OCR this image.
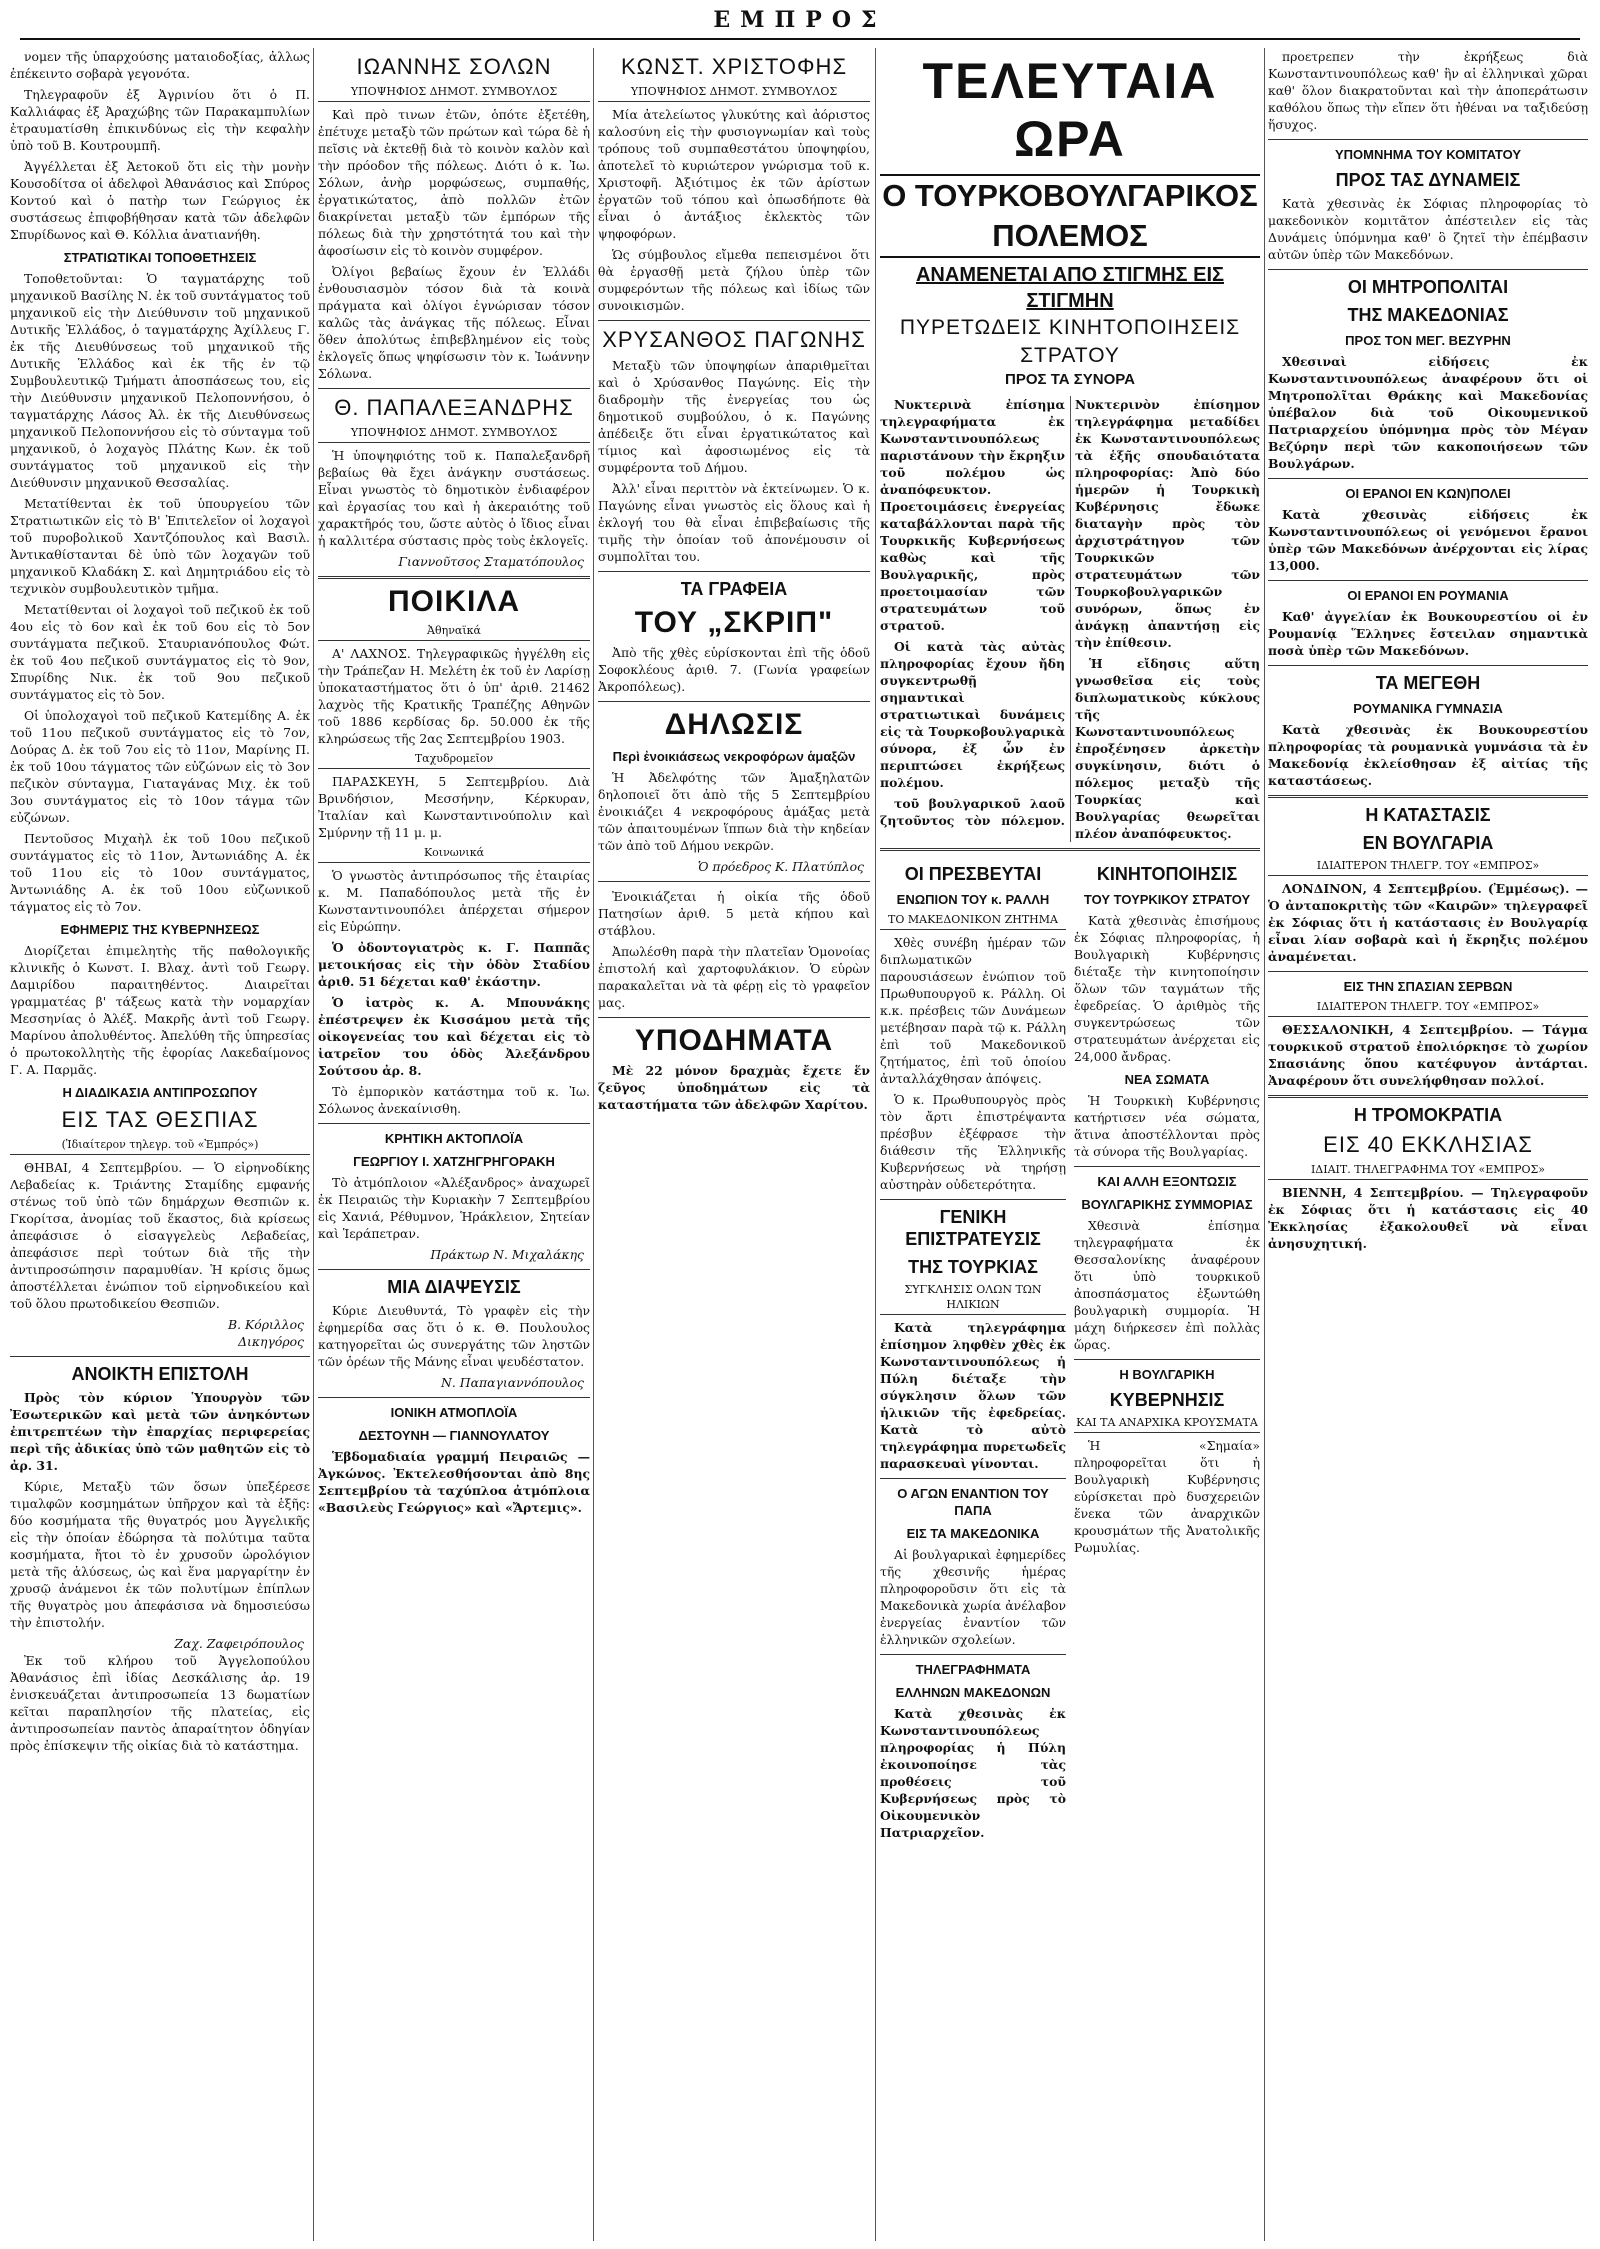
ΕΜΠΡΟΣ

νομεν τῆς ὑπαρχούσης ματαιοδοξίας, ἀλλως ἐπέκειντο σοβαρὰ γεγονότα.

Τηλεγραφοῦν ἐξ Ἀγρινίου ὅτι ὁ Π. Καλλιάφας ἐξ Ἀραχώβης τῶν Παρακαμπυλίων ἐτραυματίσθη ἐπικινδύνως εἰς τὴν κεφαλὴν ὑπὸ τοῦ Β. Κουτρουμπῆ.

Ἀγγέλλεται ἐξ Ἀετοκοῦ ὅτι εἰς τὴν μονὴν Κουσοδίτσα οἱ ἀδελφοὶ Ἀθανάσιος καὶ Σπύρος Κοντού καὶ ὁ πατὴρ των Γεώργιος ἐκ συστάσεως ἐπιφοβήθησαν κατὰ τῶν ἀδελφῶν Σπυρίδωνος καὶ Θ. Κόλλια ἀνατιανήθη.

ΣΤΡΑΤΙΩΤΙΚΑΙ ΤΟΠΟΘΕΤΗΣΕΙΣ

Τοποθετοῦνται: Ὁ ταγματάρχης τοῦ μηχανικοῦ Βασίλης Ν. ἐκ τοῦ συντάγματος τοῦ μηχανικοῦ εἰς τὴν Διεύθυνσιν τοῦ μηχανικοῦ Δυτικῆς Ἑλλάδος, ὁ ταγματάρχης Ἀχίλλευς Γ. ἐκ τῆς Διευθύνσεως τοῦ μηχανικοῦ τῆς Δυτικῆς Ἑλλάδος καὶ ἐκ τῆς ἐν τῷ Συμβουλευτικῷ Τμήματι ἀποσπάσεως του, εἰς τὴν Διεύθυνσιν μηχανικοῦ Πελοποννήσου, ὁ ταγματάρχης Λάσος Ἀλ. ἐκ τῆς Διευθύνσεως μηχανικοῦ Πελοποννήσου εἰς τὸ σύνταγμα τοῦ μηχανικοῦ, ὁ λοχαγὸς Πλάτης Κων. ἐκ τοῦ συντάγματος τοῦ μηχανικοῦ εἰς τὴν Διεύθυνσιν μηχανικοῦ Θεσσαλίας.

Μετατίθενται ἐκ τοῦ ὑπουργείου τῶν Στρατιωτικῶν εἰς τὸ Β' Ἐπιτελεῖον οἱ λοχαγοὶ τοῦ πυροβολικοῦ Χαντζόπουλος καὶ Βασιλ. Ἀντικαθίστανται δὲ ὑπὸ τῶν λοχαγῶν τοῦ μηχανικοῦ Κλαδάκη Σ. καὶ Δημητριάδου εἰς τὸ τεχνικὸν συμβουλευτικὸν τμῆμα.

Μετατίθενται οἱ λοχαγοὶ τοῦ πεζικοῦ ἐκ τοῦ 4ου εἰς τὸ 6ον καὶ ἐκ τοῦ 6ου εἰς τὸ 5ον συντάγματα πεζικοῦ. Σταυριανόπουλος Φώτ. ἐκ τοῦ 4ου πεζικοῦ συντάγματος εἰς τὸ 9ον, Σπυρίδης Νικ. ἐκ τοῦ 9ου πεζικοῦ συντάγματος εἰς τὸ 5ον.

Οἱ ὑπολοχαγοὶ τοῦ πεζικοῦ Κατεμίδης Α. ἐκ τοῦ 11ου πεζικοῦ συντάγματος εἰς τὸ 7ον, Δούρας Δ. ἐκ τοῦ 7ου εἰς τὸ 11ον, Μαρίνης Π. ἐκ τοῦ 10ου τάγματος τῶν εὐζώνων εἰς τὸ 3ον πεζικὸν σύνταγμα, Γιαταγάνας Μιχ. ἐκ τοῦ 3ου συντάγματος εἰς τὸ 10ον τάγμα τῶν εὐζώνων.

Πεντοῦσος Μιχαὴλ ἐκ τοῦ 10ου πεζικοῦ συντάγματος εἰς τὸ 11ον, Ἀντωνιάδης Α. ἐκ τοῦ 11ου εἰς τὸ 10ον συντάγματος, Ἀντωνιάδης Α. ἐκ τοῦ 10ου εὐζωνικοῦ τάγματος εἰς τὸ 7ον.

ΕΦΗΜΕΡΙΣ ΤΗΣ ΚΥΒΕΡΝΗΣΕΩΣ

Διορίζεται ἐπιμελητὴς τῆς παθολογικῆς κλινικῆς ὁ Κωνστ. Ι. Βλαχ. ἀντὶ τοῦ Γεωργ. Δαμιρίδου παραιτηθέντος. Διαιρεῖται γραμματέας β' τάξεως κατὰ τὴν νομαρχίαν Μεσσηνίας ὁ Ἀλέξ. Μακρῆς ἀντὶ τοῦ Γεωργ. Μαρίνου ἀπολυθέντος. Ἀπελύθη τῆς ὑπηρεσίας ὁ πρωτοκολλητὴς τῆς ἐφορίας Λακεδαίμονος Γ. Α. Παρμᾶς.

Η ΔΙΑΔΙΚΑΣΙΑ ΑΝΤΙΠΡΟΣΩΠΟΥ
ΕΙΣ ΤΑΣ ΘΕΣΠΙΑΣ
(Ἰδιαίτερον τηλεγρ. τοῦ «Ἐμπρός»)

ΘΗΒΑΙ, 4 Σεπτεμβρίου. — Ὁ εἰρηνοδίκης Λεβαδείας κ. Τριάντης Σταμίδης εμφανής στένως τοῦ ὑπὸ τῶν δημάρχων Θεσπιῶν κ. Γκορίτσα, ἀνομίας τοῦ ἕκαστος, διὰ κρίσεως ἀπεφάσισε ὁ εἰσαγγελεὺς Λεβαδείας, ἀπεφάσισε περὶ τούτων διὰ τῆς τὴν ἀντιπροσώπησιν παραμυθίαν. Ἡ κρίσις ὅμως ἀποστέλλεται ἐνώπιον τοῦ εἰρηνοδικείου καὶ τοῦ ὅλου πρωτοδικείου Θεσπιῶν.

Β. Κόριλλος
Δικηγόρος
ΑΝΟΙΚΤΗ ΕΠΙΣΤΟΛΗ

Πρὸς τὸν κύριον Ὑπουργὸν τῶν Ἐσωτερικῶν καὶ μετὰ τῶν ἀνηκόντων ἐπιτρεπτέων τὴν ἐπαρχίας περιφερείας περὶ τῆς ἀδικίας ὑπὸ τῶν μαθητῶν εἰς τὸ ἀρ. 31.

Κύριε, Μεταξὺ τῶν ὅσων ὑπεξέρεσε τιμαλφῶν κοσμημάτων ὑπῆρχον καὶ τὰ ἑξῆς: δύο κοσμήματα τῆς θυγατρός μου Ἀγγελικῆς εἰς τὴν ὁποίαν ἐδώρησα τὰ πολύτιμα ταῦτα κοσμήματα, ἤτοι τὸ ἐν χρυσοῦν ὡρολόγιον μετὰ τῆς ἁλύσεως, ὡς καὶ ἕνα μαργαρίτην ἐν χρυσῷ ἀνάμενοι ἐκ τῶν πολυτίμων ἐπίπλων τῆς θυγατρὸς μου ἀπεφάσισα νὰ δημοσιεύσω τὴν ἐπιστολήν.

Ζαχ. Ζαφειρόπουλος

Ἐκ τοῦ κλήρου τοῦ Ἀγγελοπούλου Ἀθανάσιος ἐπὶ ἰδίας Δεσκάλισης ἀρ. 19 ἐνισκευάζεται ἀντιπροσωπεία 13 δωματίων κεῖται παραπλησίον τῆς πλατείας, εἰς ἀντιπροσωπείαν παντὸς ἀπαραίτητον ὁδηγίαν πρὸς ἐπίσκεψιν τῆς οἰκίας διὰ τὸ κατάστημα.

ΙΩΑΝΝΗΣ ΣΟΛΩΝ
ΥΠΟΨΗΦΙΟΣ ΔΗΜΟΤ. ΣΥΜΒΟΥΛΟΣ

Καὶ πρὸ τινων ἐτῶν, ὁπότε ἐξετέθη, ἐπέτυχε μεταξὺ τῶν πρώτων καὶ τώρα δὲ ἡ πεῖσις νὰ ἐκτεθῇ διὰ τὸ κοινὸν καλὸν καὶ τὴν πρόοδον τῆς πόλεως. Διότι ὁ κ. Ἰω. Σόλων, ἀνὴρ μορφώσεως, συμπαθής, ἐργατικώτατος, ἀπὸ πολλῶν ἐτῶν διακρίνεται μεταξὺ τῶν ἐμπόρων τῆς πόλεως διὰ τὴν χρηστότητά του καὶ τὴν ἀφοσίωσιν εἰς τὸ κοινὸν συμφέρον.

Ὀλίγοι βεβαίως ἔχουν ἐν Ἑλλάδι ἐνθουσιασμὸν τόσον διὰ τὰ κοινὰ πράγματα καὶ ὀλίγοι ἐγνώρισαν τόσον καλῶς τὰς ἀνάγκας τῆς πόλεως. Εἶναι ὅθεν ἀπολύτως ἐπιβεβλημένον εἰς τοὺς ἐκλογεῖς ὅπως ψηφίσωσιν τὸν κ. Ἰωάννην Σόλωνα.

Θ. ΠΑΠΑΛΕΞΑΝΔΡΗΣ
ΥΠΟΨΗΦΙΟΣ ΔΗΜΟΤ. ΣΥΜΒΟΥΛΟΣ

Ἡ ὑποψηφιότης τοῦ κ. Παπαλεξανδρῆ βεβαίως θὰ ἔχει ἀνάγκην συστάσεως. Εἶναι γνωστὸς τὸ δημοτικὸν ἐνδιαφέρον καὶ ἐργασίας του καὶ ἡ ἀκεραιότης τοῦ χαρακτῆρός του, ὥστε αὐτὸς ὁ ἴδιος εἶναι ἡ καλλιτέρα σύστασις πρὸς τοὺς ἐκλογεῖς.

Γιαννοῦτσος Σταματόπουλος
ΠΟΙΚΙΛΑ
Ἀθηναϊκά

Α' ΛΑΧΝΟΣ. Τηλεγραφικῶς ἠγγέλθη εἰς τὴν Τράπεζαν Η. Μελέτη ἐκ τοῦ ἐν Λαρίσῃ ὑποκαταστήματος ὅτι ὁ ὑπ' ἀριθ. 21462 λαχνὸς τῆς Κρατικῆς Τραπέζης Αθηνῶν τοῦ 1886 κερδίσας δρ. 50.000 ἐκ τῆς κληρώσεως τῆς 2ας Σεπτεμβρίου 1903.

Ταχυδρομεῖον

ΠΑΡΑΣΚΕΥΗ, 5 Σεπτεμβρίου. Διὰ Βρινδήσιον, Μεσσήνην, Κέρκυραν, Ἰταλίαν καὶ Κωνσταντινούπολιν καὶ Σμύρνην τῇ 11 μ. μ.

Κοινωνικά

Ὁ γνωστὸς ἀντιπρόσωπος τῆς ἑταιρίας κ. Μ. Παπαδόπουλος μετὰ τῆς ἐν Κωνσταντινουπόλει ἀπέρχεται σήμερον εἰς Εὐρώπην.

Ὁ ὀδοντογιατρὸς κ. Γ. Παππᾶς μετοικήσας εἰς τὴν ὁδὸν Σταδίου ἀριθ. 51 δέχεται καθ' ἑκάστην.

Ὁ ἰατρὸς κ. Α. Μπουνάκης ἐπέστρεψεν ἐκ Κισσάμου μετὰ τῆς οἰκογενείας του καὶ δέχεται εἰς τὸ ἰατρεῖον του ὁδὸς Ἀλεξάνδρου Σούτσου ἀρ. 8.

Τὸ ἐμπορικὸν κατάστημα τοῦ κ. Ἰω. Σόλωνος ἀνεκαίνισθη.

ΚΡΗΤΙΚΗ ΑΚΤΟΠΛΟΪΑ
ΓΕΩΡΓΙΟΥ Ι. ΧΑΤΖΗΓΡΗΓΟΡΑΚΗ

Τὸ ἀτμόπλοιον «Ἀλέξανδρος» ἀναχωρεῖ ἐκ Πειραιῶς τὴν Κυριακὴν 7 Σεπτεμβρίου εἰς Χανιά, Ρέθυμνον, Ἡράκλειον, Σητείαν καὶ Ἱεράπετραν.

Πράκτωρ Ν. Μιχαλάκης
ΜΙΑ ΔΙΑΨΕΥΣΙΣ

Κύριε Διευθυντά, Τὸ γραφὲν εἰς τὴν ἐφημερίδα σας ὅτι ὁ κ. Θ. Πουλουλος κατηγορεῖται ὡς συνεργάτης τῶν ληστῶν τῶν ὁρέων τῆς Μάνης εἶναι ψευδέστατον.

Ν. Παπαγιαννόπουλος
ΙΟΝΙΚΗ ΑΤΜΟΠΛΟΪΑ
ΔΕΣΤΟΥΝΗ — ΓΙΑΝΝΟΥΛΑΤΟΥ

Ἑβδομαδιαία γραμμή Πειραιῶς — Ἀγκώνος. Ἐκτελεσθήσονται ἀπὸ 8ης Σεπτεμβρίου τὰ ταχύπλοα ἀτμόπλοια «Βασιλεὺς Γεώργιος» καὶ «Ἄρτεμις».

ΚΩΝΣΤ. ΧΡΙΣΤΟΦΗΣ
ΥΠΟΨΗΦΙΟΣ ΔΗΜΟΤ. ΣΥΜΒΟΥΛΟΣ

Μία ἀτελείωτος γλυκύτης καὶ ἀόριστος καλοσύνη εἰς τὴν φυσιογνωμίαν καὶ τοὺς τρόπους τοῦ συμπαθεστάτου ὑποψηφίου, ἀποτελεῖ τὸ κυριώτερον γνώρισμα τοῦ κ. Χριστοφῆ. Ἀξιότιμος ἐκ τῶν ἀρίστων ἐργατῶν τοῦ τόπου καὶ ὁπωσδήποτε θὰ εἶναι ὁ ἀντάξιος ἐκλεκτὸς τῶν ψηφοφόρων.

Ὡς σύμβουλος εἴμεθα πεπεισμένοι ὅτι θὰ ἐργασθῇ μετὰ ζήλου ὑπὲρ τῶν συμφερόντων τῆς πόλεως καὶ ἰδίως τῶν συνοικισμῶν.

ΧΡΥΣΑΝΘΟΣ ΠΑΓΩΝΗΣ

Μεταξὺ τῶν ὑποψηφίων ἀπαριθμεῖται καὶ ὁ Χρύσανθος Παγώνης. Εἰς τὴν διαδρομὴν τῆς ἐνεργείας του ὡς δημοτικοῦ συμβούλου, ὁ κ. Παγώνης ἀπέδειξε ὅτι εἶναι ἐργατικώτατος καὶ τίμιος καὶ ἀφοσιωμένος εἰς τὰ συμφέροντα τοῦ Δήμου.

Ἀλλ' εἶναι περιττὸν νὰ ἐκτείνωμεν. Ὁ κ. Παγώνης εἶναι γνωστὸς εἰς ὅλους καὶ ἡ ἐκλογή του θὰ εἶναι ἐπιβεβαίωσις τῆς τιμῆς τὴν ὁποίαν τοῦ ἀπονέμουσιν οἱ συμπολῖται του.

ΤΑ ΓΡΑΦΕΙΑ
ΤΟΥ „ΣΚΡΙΠ"

Ἀπὸ τῆς χθὲς εὑρίσκονται ἐπὶ τῆς ὁδοῦ Σοφοκλέους ἀριθ. 7. (Γωνία γραφείων Ἀκροπόλεως).

ΔΗΛΩΣΙΣ
Περὶ ἐνοικιάσεως νεκροφόρων ἁμαξῶν

Ἡ Ἀδελφότης τῶν Ἁμαξηλατῶν δηλοποιεῖ ὅτι ἀπὸ τῆς 5 Σεπτεμβρίου ἐνοικιάζει 4 νεκροφόρους ἁμάξας μετὰ τῶν ἀπαιτουμένων ἵππων διὰ τὴν κηδείαν τῶν ἀπὸ τοῦ Δήμου νεκρῶν.

Ὁ πρόεδρος Κ. Πλατύπλος

Ἐνοικιάζεται ἡ οἰκία τῆς ὁδοῦ Πατησίων ἀριθ. 5 μετὰ κήπου καὶ στάβλου.

Ἀπωλέσθη παρὰ τὴν πλατεῖαν Ὁμονοίας ἐπιστολή καὶ χαρτοφυλάκιον. Ὁ εὑρὼν παρακαλεῖται νὰ τὰ φέρῃ εἰς τὸ γραφεῖον μας.

ΥΠΟΔΗΜΑΤΑ

Μὲ 22 μόνον δραχμὰς ἔχετε ἕν ζεῦγος ὑποδημάτων εἰς τὰ καταστήματα τῶν ἀδελφῶν Χαρίτου.

ΤΕΛΕΥΤΑΙΑ ΩΡΑ
Ο ΤΟΥΡΚΟΒΟΥΛΓΑΡΙΚΟΣ ΠΟΛΕΜΟΣ
ΑΝΑΜΕΝΕΤΑΙ ΑΠΟ ΣΤΙΓΜΗΣ ΕΙΣ ΣΤΙΓΜΗΝ
ΠΥΡΕΤΩΔΕΙΣ ΚΙΝΗΤΟΠΟΙΗΣΕΙΣ ΣΤΡΑΤΟΥ
ΠΡΟΣ ΤΑ ΣΥΝΟΡΑ

Νυκτερινὰ ἐπίσημα τηλεγραφήματα ἐκ Κωνσταντινουπόλεως παριστάνουν τὴν ἔκρηξιν τοῦ πολέμου ὡς ἀναπόφευκτον. Προετοιμάσεις ἐνεργείας καταβάλλονται παρὰ τῆς Τουρκικῆς Κυβερνήσεως καθὼς καὶ τῆς Βουλγαρικῆς, πρὸς προετοιμασίαν τῶν στρατευμάτων τοῦ στρατοῦ.

Οἱ κατὰ τὰς αὐτὰς πληροφορίας ἔχουν ἤδη συγκεντρωθῇ σημαντικαὶ στρατιωτικαὶ δυνάμεις εἰς τὰ Τουρκοβουλγαρικὰ σύνορα, ἐξ ὧν ἐν περιπτώσει ἐκρήξεως πολέμου.

τοῦ βουλγαρικοῦ λαοῦ ζητοῦντος τὸν πόλεμον. Νυκτερινὸν ἐπίσημον τηλεγράφημα μεταδίδει ἐκ Κωνσταντινουπόλεως τὰ ἑξῆς σπουδαιότατα πληροφορίας: Ἀπὸ δύο ἡμερῶν ἡ Τουρκικὴ Κυβέρνησις ἔδωκε διαταγὴν πρὸς τὸν ἀρχιστράτηγον τῶν Τουρκικῶν στρατευμάτων τῶν Τουρκοβουλγαρικῶν συνόρων, ὅπως ἐν ἀνάγκῃ ἀπαντήσῃ εἰς τὴν ἐπίθεσιν.

Ἡ εἴδησις αὕτη γνωσθεῖσα εἰς τοὺς διπλωματικοὺς κύκλους τῆς Κωνσταντινουπόλεως ἐπροξένησεν ἀρκετὴν συγκίνησιν, διότι ὁ πόλεμος μεταξὺ τῆς Τουρκίας καὶ Βουλγαρίας θεωρεῖται πλέον ἀναπόφευκτος.

ΟΙ ΠΡΕΣΒΕΥΤΑΙ
ΕΝΩΠΙΟΝ ΤΟΥ κ. ΡΑΛΛΗ
ΤΟ ΜΑΚΕΔΟΝΙΚΟΝ ΖΗΤΗΜΑ

Χθὲς συνέβη ἡμέραν τῶν διπλωματικῶν παρουσιάσεων ἐνώπιον τοῦ Πρωθυπουργοῦ κ. Ράλλη. Οἱ κ.κ. πρέσβεις τῶν Δυνάμεων μετέβησαν παρὰ τῷ κ. Ράλλη ἐπὶ τοῦ Μακεδονικοῦ ζητήματος, ἐπὶ τοῦ ὁποίου ἀνταλλάχθησαν ἀπόψεις.

Ὁ κ. Πρωθυπουργὸς πρὸς τὸν ἄρτι ἐπιστρέψαντα πρέσβυν ἐξέφρασε τὴν διάθεσιν τῆς Ἑλληνικῆς Κυβερνήσεως νὰ τηρήσῃ αὐστηρὰν οὐδετερότητα.

ΓΕΝΙΚΗ ΕΠΙΣΤΡΑΤΕΥΣΙΣ
ΤΗΣ ΤΟΥΡΚΙΑΣ
ΣΥΓΚΛΗΣΙΣ ΟΛΩΝ ΤΩΝ ΗΛΙΚΙΩΝ

Κατὰ τηλεγράφημα ἐπίσημον ληφθὲν χθὲς ἐκ Κωνσταντινουπόλεως ἡ Πύλη διέταξε τὴν σύγκλησιν ὅλων τῶν ἡλικιῶν τῆς ἐφεδρείας. Κατὰ τὸ αὐτὸ τηλεγράφημα πυρετωδεῖς παρασκευαὶ γίνονται.

Ο ΑΓΩΝ ΕΝΑΝΤΙΟΝ ΤΟΥ ΠΑΠΑ
ΕΙΣ ΤΑ ΜΑΚΕΔΟΝΙΚΑ

Αἱ βουλγαρικαὶ ἐφημερίδες τῆς χθεσινῆς ἡμέρας πληροφοροῦσιν ὅτι εἰς τὰ Μακεδονικὰ χωρία ἀνέλαβον ἐνεργείας ἐναντίον τῶν ἑλληνικῶν σχολείων.

ΤΗΛΕΓΡΑΦΗΜΑΤΑ
ΕΛΛΗΝΩΝ ΜΑΚΕΔΟΝΩΝ

Κατὰ χθεσινὰς ἐκ Κωνσταντινουπόλεως πληροφορίας ἡ Πύλη ἐκοινοποίησε τὰς προθέσεις τοῦ Κυβερνήσεως πρὸς τὸ Οἰκουμενικὸν Πατριαρχεῖον.

ΚΙΝΗΤΟΠΟΙΗΣΙΣ
ΤΟΥ ΤΟΥΡΚΙΚΟΥ ΣΤΡΑΤΟΥ

Κατὰ χθεσινὰς ἐπισήμους ἐκ Σόφιας πληροφορίας, ἡ Βουλγαρικὴ Κυβέρνησις διέταξε τὴν κινητοποίησιν ὅλων τῶν ταγμάτων τῆς ἐφεδρείας. Ὁ ἀριθμὸς τῆς συγκεντρώσεως τῶν στρατευμάτων ἀνέρχεται εἰς 24,000 ἄνδρας.

ΝΕΑ ΣΩΜΑΤΑ

Ἡ Τουρκικὴ Κυβέρνησις κατήρτισεν νέα σώματα, ἅτινα ἀποστέλλονται πρὸς τὰ σύνορα τῆς Βουλγαρίας.

ΚΑΙ ΑΛΛΗ ΕΞΟΝΤΩΣΙΣ
ΒΟΥΛΓΑΡΙΚΗΣ ΣΥΜΜΟΡΙΑΣ

Χθεσινὰ ἐπίσημα τηλεγραφήματα ἐκ Θεσσαλονίκης ἀναφέρουν ὅτι ὑπὸ τουρκικοῦ ἀποσπάσματος ἐξωντώθη βουλγαρικὴ συμμορία. Ἡ μάχη διήρκεσεν ἐπὶ πολλὰς ὥρας.

Η ΒΟΥΛΓΑΡΙΚΗ
ΚΥΒΕΡΝΗΣΙΣ
ΚΑΙ ΤΑ ΑΝΑΡΧΙΚΑ ΚΡΟΥΣΜΑΤΑ

Ἡ «Σημαία» πληροφορεῖται ὅτι ἡ Βουλγαρικὴ Κυβέρνησις εὑρίσκεται πρὸ δυσχερειῶν ἕνεκα τῶν ἀναρχικῶν κρουσμάτων τῆς Ἀνατολικῆς Ρωμυλίας.

προετρεπεν τὴν ἐκρήξεως διὰ Κωνσταντινουπόλεως καθ' ἣν αἱ ἐλληνικαὶ χῶραι καθ' ὅλον διακρατοῦνται καὶ τὴν ἀποπεράτωσιν καθόλου ὅπως τὴν εἴπεν ὅτι ἠθέναι να ταξιδεύσῃ ἥσυχος.

ΥΠΟΜΝΗΜΑ ΤΟΥ ΚΟΜΙΤΑΤΟΥ
ΠΡΟΣ ΤΑΣ ΔΥΝΑΜΕΙΣ

Κατὰ χθεσινὰς ἐκ Σόφιας πληροφορίας τὸ μακεδονικὸν κομιτᾶτον ἀπέστειλεν εἰς τὰς Δυνάμεις ὑπόμνημα καθ' ὃ ζητεῖ τὴν ἐπέμβασιν αὐτῶν ὑπὲρ τῶν Μακεδόνων.

ΟΙ ΜΗΤΡΟΠΟΛΙΤΑΙ
ΤΗΣ ΜΑΚΕΔΟΝΙΑΣ
ΠΡΟΣ ΤΟΝ ΜΕΓ. ΒΕΖΥΡΗΝ

Χθεσιναὶ εἰδήσεις ἐκ Κωνσταντινουπόλεως ἀναφέρουν ὅτι οἱ Μητροπολῖται Θράκης καὶ Μακεδονίας ὑπέβαλον διὰ τοῦ Οἰκουμενικοῦ Πατριαρχείου ὑπόμνημα πρὸς τὸν Μέγαν Βεζύρην περὶ τῶν κακοποιήσεων τῶν Βουλγάρων.

ΟΙ ΕΡΑΝΟΙ ΕΝ ΚΩΝ)ΠΟΛΕΙ

Κατὰ χθεσινὰς εἰδήσεις ἐκ Κωνσταντινουπόλεως οἱ γενόμενοι ἔρανοι ὑπὲρ τῶν Μακεδόνων ἀνέρχονται εἰς λίρας 13,000.

ΟΙ ΕΡΑΝΟΙ ΕΝ ΡΟΥΜΑΝΙΑ

Καθ' ἀγγελίαν ἐκ Βουκουρεστίου οἱ ἐν Ρουμανίᾳ Ἕλληνες ἔστειλαν σημαντικὰ ποσὰ ὑπὲρ τῶν Μακεδόνων.

ΤΑ ΜΕΓΕΘΗ
ΡΟΥΜΑΝΙΚΑ ΓΥΜΝΑΣΙΑ

Κατὰ χθεσινὰς ἐκ Βουκουρεστίου πληροφορίας τὰ ρουμανικὰ γυμνάσια τὰ ἐν Μακεδονίᾳ ἐκλείσθησαν ἐξ αἰτίας τῆς καταστάσεως.

Η ΚΑΤΑΣΤΑΣΙΣ
ΕΝ ΒΟΥΛΓΑΡΙΑ
ΙΔΙΑΙΤΕΡΟΝ ΤΗΛΕΓΡ. ΤΟΥ «ΕΜΠΡΟΣ»

ΛΟΝΔΙΝΟΝ, 4 Σεπτεμβρίου. (Ἐμμέσως). — Ὁ ἀνταποκριτὴς τῶν «Καιρῶν» τηλεγραφεῖ ἐκ Σόφιας ὅτι ἡ κατάστασις ἐν Βουλγαρίᾳ εἶναι λίαν σοβαρὰ καὶ ἡ ἔκρηξις πολέμου ἀναμένεται.

ΕΙΣ ΤΗΝ ΣΠΑΣΙΑΝ ΣΕΡΒΩΝ
ΙΔΙΑΙΤΕΡΟΝ ΤΗΛΕΓΡ. ΤΟΥ «ΕΜΠΡΟΣ»

ΘΕΣΣΑΛΟΝΙΚΗ, 4 Σεπτεμβρίου. — Τάγμα τουρκικοῦ στρατοῦ ἐπολιόρκησε τὸ χωρίον Σπασιάνης ὅπου κατέφυγον ἀντάρται. Ἀναφέρουν ὅτι συνελήφθησαν πολλοί.

Η ΤΡΟΜΟΚΡΑΤΙΑ
ΕΙΣ 40 ΕΚΚΛΗΣΙΑΣ
ΙΔΙΑΙΤ. ΤΗΛΕΓΡΑΦΗΜΑ ΤΟΥ «ΕΜΠΡΟΣ»

ΒΙΕΝΝΗ, 4 Σεπτεμβρίου. — Τηλεγραφοῦν ἐκ Σόφιας ὅτι ἡ κατάστασις εἰς 40 Ἐκκλησίας ἐξακολουθεῖ νὰ εἶναι ἀνησυχητική.
